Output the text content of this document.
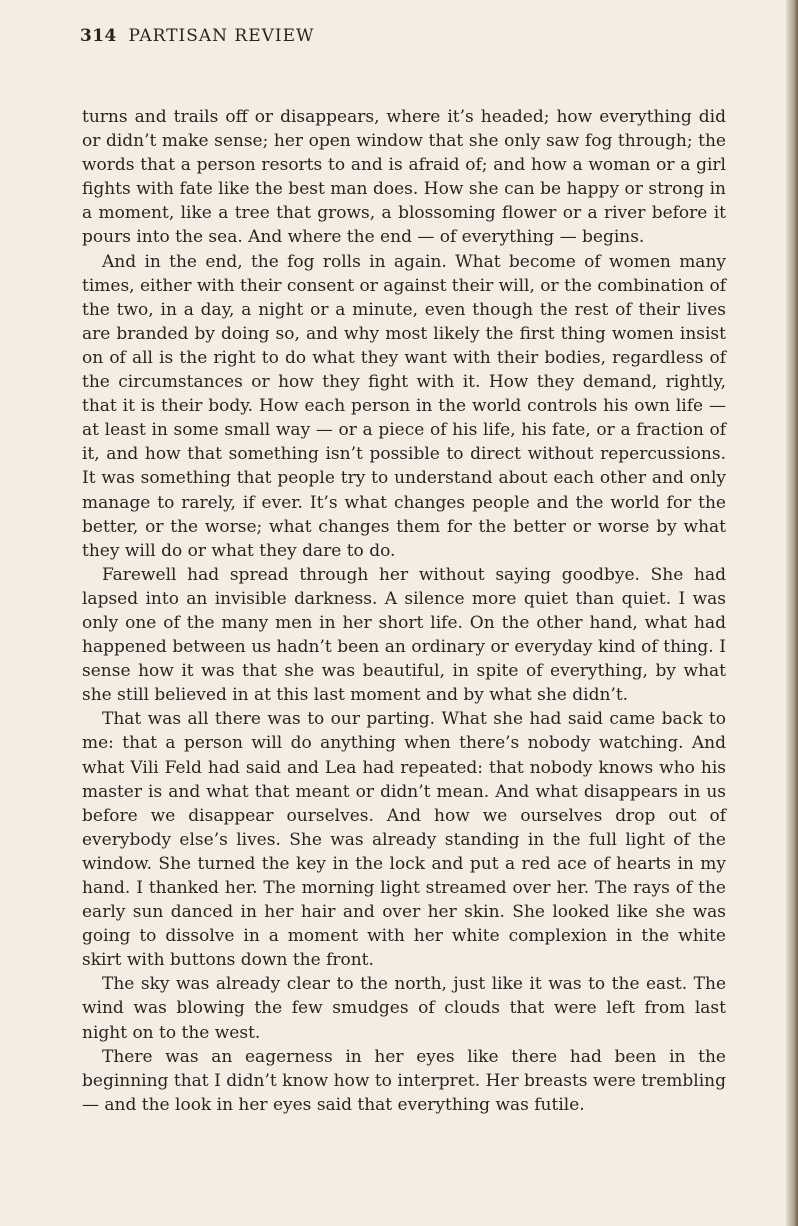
314 PARTISAN REVIEW

turns and trails off or disappears, where it’s headed; how everything did or didn’t make sense; her open window that she only saw fog through; the words that a person resorts to and is afraid of; and how a woman or a girl fights with fate like the best man does. How she can be happy or strong in a moment, like a tree that grows, a blossoming flower or a river before it pours into the sea. And where the end — of everything — begins.

And in the end, the fog rolls in again. What become of women many times, either with their consent or against their will, or the combination of the two, in a day, a night or a minute, even though the rest of their lives are branded by doing so, and why most likely the first thing women insist on of all is the right to do what they want with their bodies, regardless of the circumstances or how they fight with it. How they demand, rightly, that it is their body. How each person in the world controls his own life — at least in some small way — or a piece of his life, his fate, or a fraction of it, and how that something isn’t possible to direct without repercussions. It was something that people try to understand about each other and only manage to rarely, if ever. It’s what changes people and the world for the better, or the worse; what changes them for the better or worse by what they will do or what they dare to do.

Farewell had spread through her without saying goodbye. She had lapsed into an invisible darkness. A silence more quiet than quiet. I was only one of the many men in her short life. On the other hand, what had happened between us hadn’t been an ordinary or everyday kind of thing. I sense how it was that she was beautiful, in spite of everything, by what she still believed in at this last moment and by what she didn’t.

That was all there was to our parting. What she had said came back to me: that a person will do anything when there’s nobody watching. And what Vili Feld had said and Lea had repeated: that nobody knows who his master is and what that meant or didn’t mean. And what disappears in us before we disappear ourselves. And how we ourselves drop out of everybody else’s lives. She was already standing in the full light of the window. She turned the key in the lock and put a red ace of hearts in my hand. I thanked her. The morning light streamed over her. The rays of the early sun danced in her hair and over her skin. She looked like she was going to dissolve in a moment with her white complexion in the white skirt with buttons down the front.

The sky was already clear to the north, just like it was to the east. The wind was blowing the few smudges of clouds that were left from last night on to the west.

There was an eagerness in her eyes like there had been in the beginning that I didn’t know how to interpret. Her breasts were trembling — and the look in her eyes said that everything was futile.
